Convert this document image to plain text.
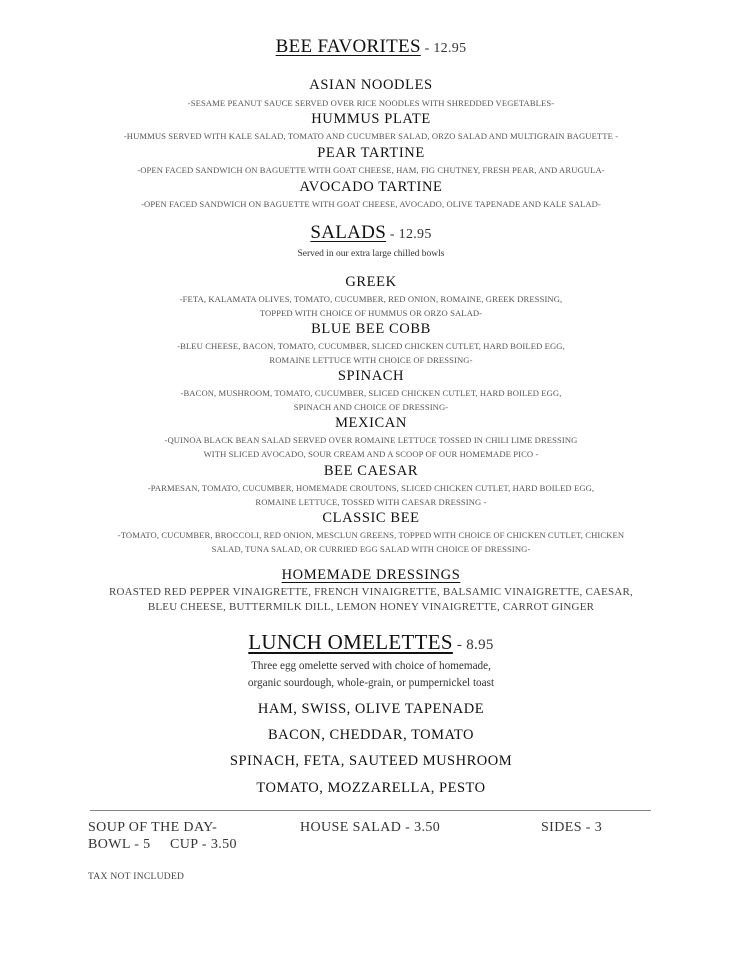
BEE FAVORITES - 12.95
ASIAN NOODLES
-SESAME PEANUT SAUCE SERVED OVER RICE NOODLES WITH SHREDDED VEGETABLES-
HUMMUS PLATE
-HUMMUS SERVED WITH KALE SALAD, TOMATO AND CUCUMBER SALAD, ORZO SALAD AND MULTIGRAIN BAGUETTE -
PEAR TARTINE
-OPEN FACED SANDWICH ON BAGUETTE WITH GOAT CHEESE, HAM, FIG CHUTNEY, FRESH PEAR, AND ARUGULA-
AVOCADO TARTINE
-OPEN FACED SANDWICH ON BAGUETTE WITH GOAT CHEESE, AVOCADO, OLIVE TAPENADE AND KALE SALAD-
SALADS - 12.95
Served in our extra large chilled bowls
GREEK
-FETA, KALAMATA OLIVES, TOMATO, CUCUMBER, RED ONION, ROMAINE, GREEK DRESSING,
TOPPED WITH CHOICE OF HUMMUS OR ORZO SALAD-
BLUE BEE COBB
-BLEU CHEESE, BACON, TOMATO, CUCUMBER, SLICED CHICKEN CUTLET, HARD BOILED EGG,
ROMAINE LETTUCE WITH CHOICE OF DRESSING-
SPINACH
-BACON, MUSHROOM, TOMATO, CUCUMBER, SLICED CHICKEN CUTLET, HARD BOILED EGG,
SPINACH AND CHOICE OF DRESSING-
MEXICAN
-QUINOA BLACK BEAN SALAD SERVED OVER ROMAINE LETTUCE TOSSED IN CHILI LIME DRESSING
WITH SLICED AVOCADO, SOUR CREAM AND A SCOOP OF OUR HOMEMADE PICO -
BEE CAESAR
-PARMESAN, TOMATO, CUCUMBER, HOMEMADE CROUTONS, SLICED CHICKEN CUTLET, HARD BOILED EGG,
ROMAINE LETTUCE, TOSSED WITH CAESAR DRESSING -
CLASSIC BEE
-TOMATO, CUCUMBER, BROCCOLI, RED ONION, MESCLUN GREENS, TOPPED WITH CHOICE OF CHICKEN CUTLET, CHICKEN
SALAD, TUNA SALAD, OR CURRIED EGG SALAD WITH CHOICE OF DRESSING-
HOMEMADE DRESSINGS
ROASTED RED PEPPER VINAIGRETTE, FRENCH VINAIGRETTE, BALSAMIC VINAIGRETTE, CAESAR,
BLEU CHEESE, BUTTERMILK DILL, LEMON HONEY VINAIGRETTE, CARROT GINGER
LUNCH OMELETTES - 8.95
Three egg omelette served with choice of homemade,
organic sourdough, whole-grain, or pumpernickel toast
HAM, SWISS, OLIVE TAPENADE
BACON, CHEDDAR, TOMATO
SPINACH, FETA, SAUTEED MUSHROOM
TOMATO, MOZZARELLA, PESTO
SOUP OF THE DAY-
BOWL - 5     CUP - 3.50
HOUSE SALAD - 3.50	SIDES - 3
TAX NOT INCLUDED
